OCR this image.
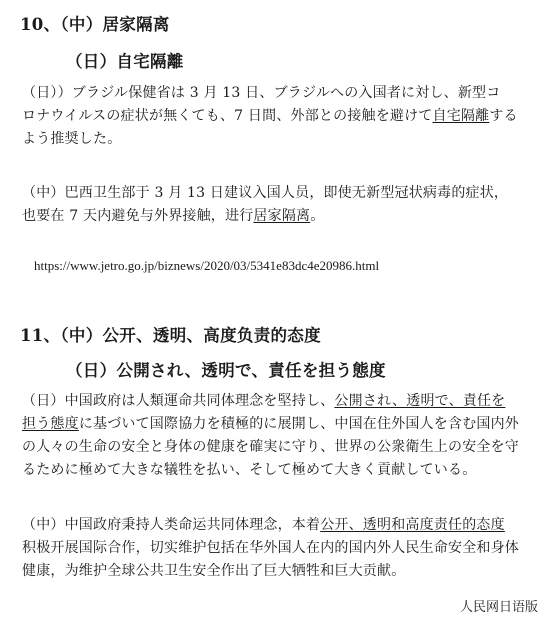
10、（中）居家隔离
（日）自宅隔離
（日））ブラジル保健省は 3 月 13 日、ブラジルへの入国者に対し、新型コ
ロナウイルスの症状が無くても、7 日間、外部との接触を避けて自宅隔離する
よう推奨した。
（中）巴西卫生部于 3 月 13 日建议入国人员，即使无新型冠状病毒的症状，
也要在 7 天内避免与外界接触，进行居家隔离。
https://www.jetro.go.jp/biznews/2020/03/5341e83dc4e20986.html
11、（中）公开、透明、高度负责的态度
（日）公開され、透明で、責任を担う態度
（日）中国政府は人類運命共同体理念を堅持し、公開され、透明で、責任を
担う態度に基づいて国際協力を積極的に展開し、中国在住外国人を含む国内外
の人々の生命の安全と身体の健康を確実に守り、世界の公衆衛生上の安全を守
るために極めて大きな犠牲を払い、そして極めて大きく貢献している。
（中）中国政府秉持人类命运共同体理念，本着公开、透明和高度责任的态度
积极开展国际合作，切实维护包括在华外国人在内的国内外人民生命安全和身体
健康，为维护全球公共卫生安全作出了巨大牺牲和巨大贡献。
人民网日语版
